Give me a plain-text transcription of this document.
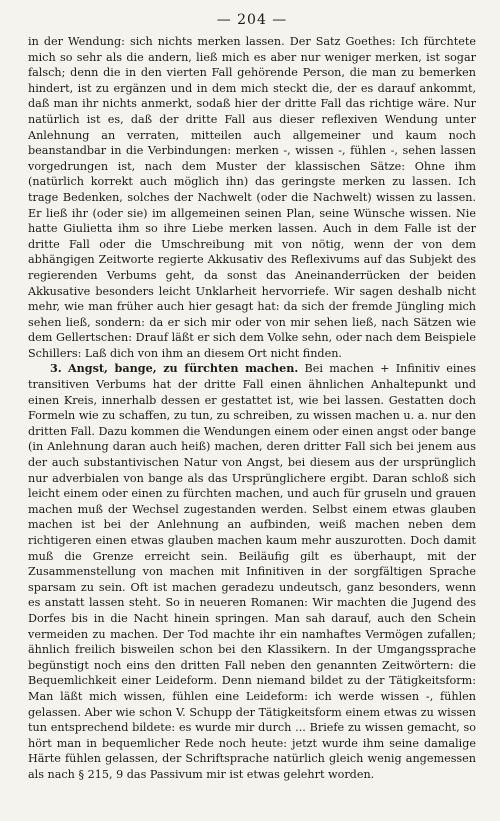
— 204 —

in der Wendung: sich nichts merken lassen. Der Satz Goethes: Ich fürchtete mich so sehr als die andern, ließ mich es aber nur weniger merken, ist sogar falsch; denn die in den vierten Fall gehörende Person, die man zu bemerken hindert, ist zu ergänzen und in dem mich steckt die, der es darauf ankommt, daß man ihr nichts anmerkt, sodaß hier der dritte Fall das richtige wäre. Nur natürlich ist es, daß der dritte Fall aus dieser reflexiven Wendung unter Anlehnung an verraten, mitteilen auch allgemeiner und kaum noch beanstandbar in die Verbindungen: merken -, wissen -, fühlen -, sehen lassen vorgedrungen ist, nach dem Muster der klassischen Sätze: Ohne ihm (natürlich korrekt auch möglich ihn) das geringste merken zu lassen. Ich trage Bedenken, solches der Nachwelt (oder die Nachwelt) wissen zu lassen. Er ließ ihr (oder sie) im allgemeinen seinen Plan, seine Wünsche wissen. Nie hatte Giulietta ihm so ihre Liebe merken lassen. Auch in dem Falle ist der dritte Fall oder die Umschreibung mit von nötig, wenn der von dem abhängigen Zeitworte regierte Akkusativ des Reflexivums auf das Subjekt des regierenden Verbums geht, da sonst das Aneinanderrücken der beiden Akkusative besonders leicht Unklarheit hervorriefe. Wir sagen deshalb nicht mehr, wie man früher auch hier gesagt hat: da sich der fremde Jüngling mich sehen ließ, sondern: da er sich mir oder von mir sehen ließ, nach Sätzen wie dem Gellertschen: Drauf läßt er sich dem Volke sehn, oder nach dem Beispiele Schillers: Laß dich von ihm an diesem Ort nicht finden.

3. Angst, bange, zu fürchten machen. Bei machen + Infinitiv eines transitiven Verbums hat der dritte Fall einen ähnlichen Anhaltepunkt und einen Kreis, innerhalb dessen er gestattet ist, wie bei lassen. Gestatten doch Formeln wie zu schaffen, zu tun, zu schreiben, zu wissen machen u. a. nur den dritten Fall. Dazu kommen die Wendungen einem oder einen angst oder bange (in Anlehnung daran auch heiß) machen, deren dritter Fall sich bei jenem aus der auch substantivischen Natur von Angst, bei diesem aus der ursprünglich nur adverbialen von bange als das Ursprünglichere ergibt. Daran schloß sich leicht einem oder einen zu fürchten machen, und auch für gruseln und grauen machen muß der Wechsel zugestanden werden. Selbst einem etwas glauben machen ist bei der Anlehnung an aufbinden, weiß machen neben dem richtigeren einen etwas glauben machen kaum mehr auszurotten. Doch damit muß die Grenze erreicht sein. Beiläufig gilt es überhaupt, mit der Zusammenstellung von machen mit Infinitiven in der sorgfältigen Sprache sparsam zu sein. Oft ist machen geradezu undeutsch, ganz besonders, wenn es anstatt lassen steht. So in neueren Romanen: Wir machten die Jugend des Dorfes bis in die Nacht hinein springen. Man sah darauf, auch den Schein vermeiden zu machen. Der Tod machte ihr ein namhaftes Vermögen zufallen; ähnlich freilich bisweilen schon bei den Klassikern. In der Umgangssprache begünstigt noch eins den dritten Fall neben den genannten Zeitwörtern: die Bequemlichkeit einer Leideform. Denn niemand bildet zu der Tätigkeitsform: Man läßt mich wissen, fühlen eine Leideform: ich werde wissen -, fühlen gelassen. Aber wie schon V. Schupp der Tätigkeitsform einem etwas zu wissen tun entsprechend bildete: es wurde mir durch ... Briefe zu wissen gemacht, so hört man in bequemlicher Rede noch heute: jetzt wurde ihm seine damalige Härte fühlen gelassen, der Schriftsprache natürlich gleich wenig angemessen als nach § 215, 9 das Passivum mir ist etwas gelehrt worden.
